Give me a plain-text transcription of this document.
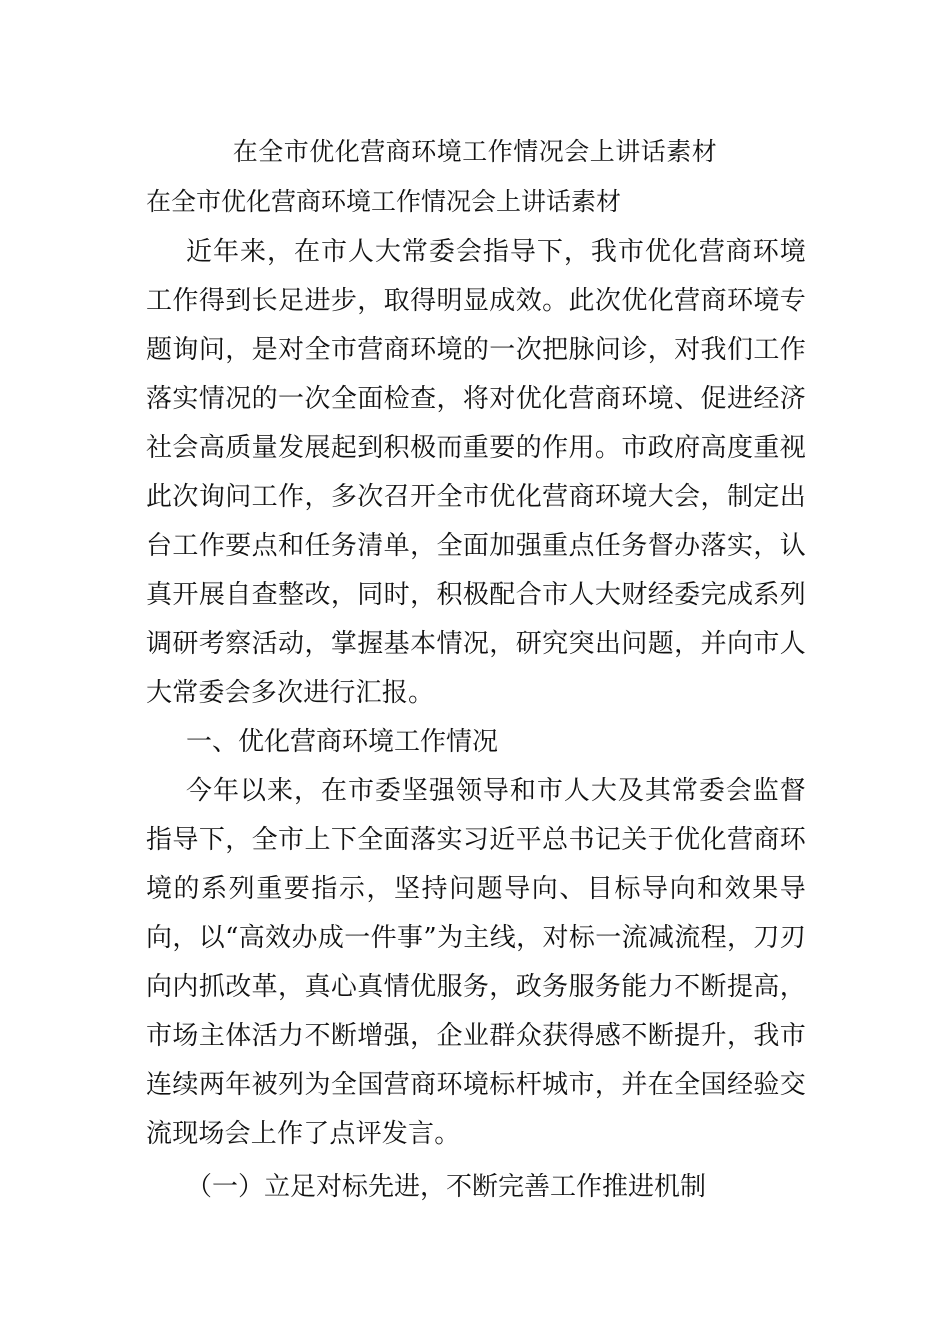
在全市优化营商环境工作情况会上讲话素材

在全市优化营商环境工作情况会上讲话素材

近年来，在市人大常委会指导下，我市优化营商环境工作得到长足进步，取得明显成效。此次优化营商环境专题询问，是对全市营商环境的一次把脉问诊，对我们工作落实情况的一次全面检查，将对优化营商环境、促进经济社会高质量发展起到积极而重要的作用。市政府高度重视此次询问工作，多次召开全市优化营商环境大会，制定出台工作要点和任务清单，全面加强重点任务督办落实，认真开展自查整改，同时，积极配合市人大财经委完成系列调研考察活动，掌握基本情况，研究突出问题，并向市人大常委会多次进行汇报。

一、优化营商环境工作情况

今年以来，在市委坚强领导和市人大及其常委会监督指导下，全市上下全面落实习近平总书记关于优化营商环境的系列重要指示，坚持问题导向、目标导向和效果导向，以“高效办成一件事”为主线，对标一流减流程，刀刃向内抓改革，真心真情优服务，政务服务能力不断提高，市场主体活力不断增强，企业群众获得感不断提升，我市连续两年被列为全国营商环境标杆城市，并在全国经验交流现场会上作了点评发言。

（一）立足对标先进，不断完善工作推进机制
